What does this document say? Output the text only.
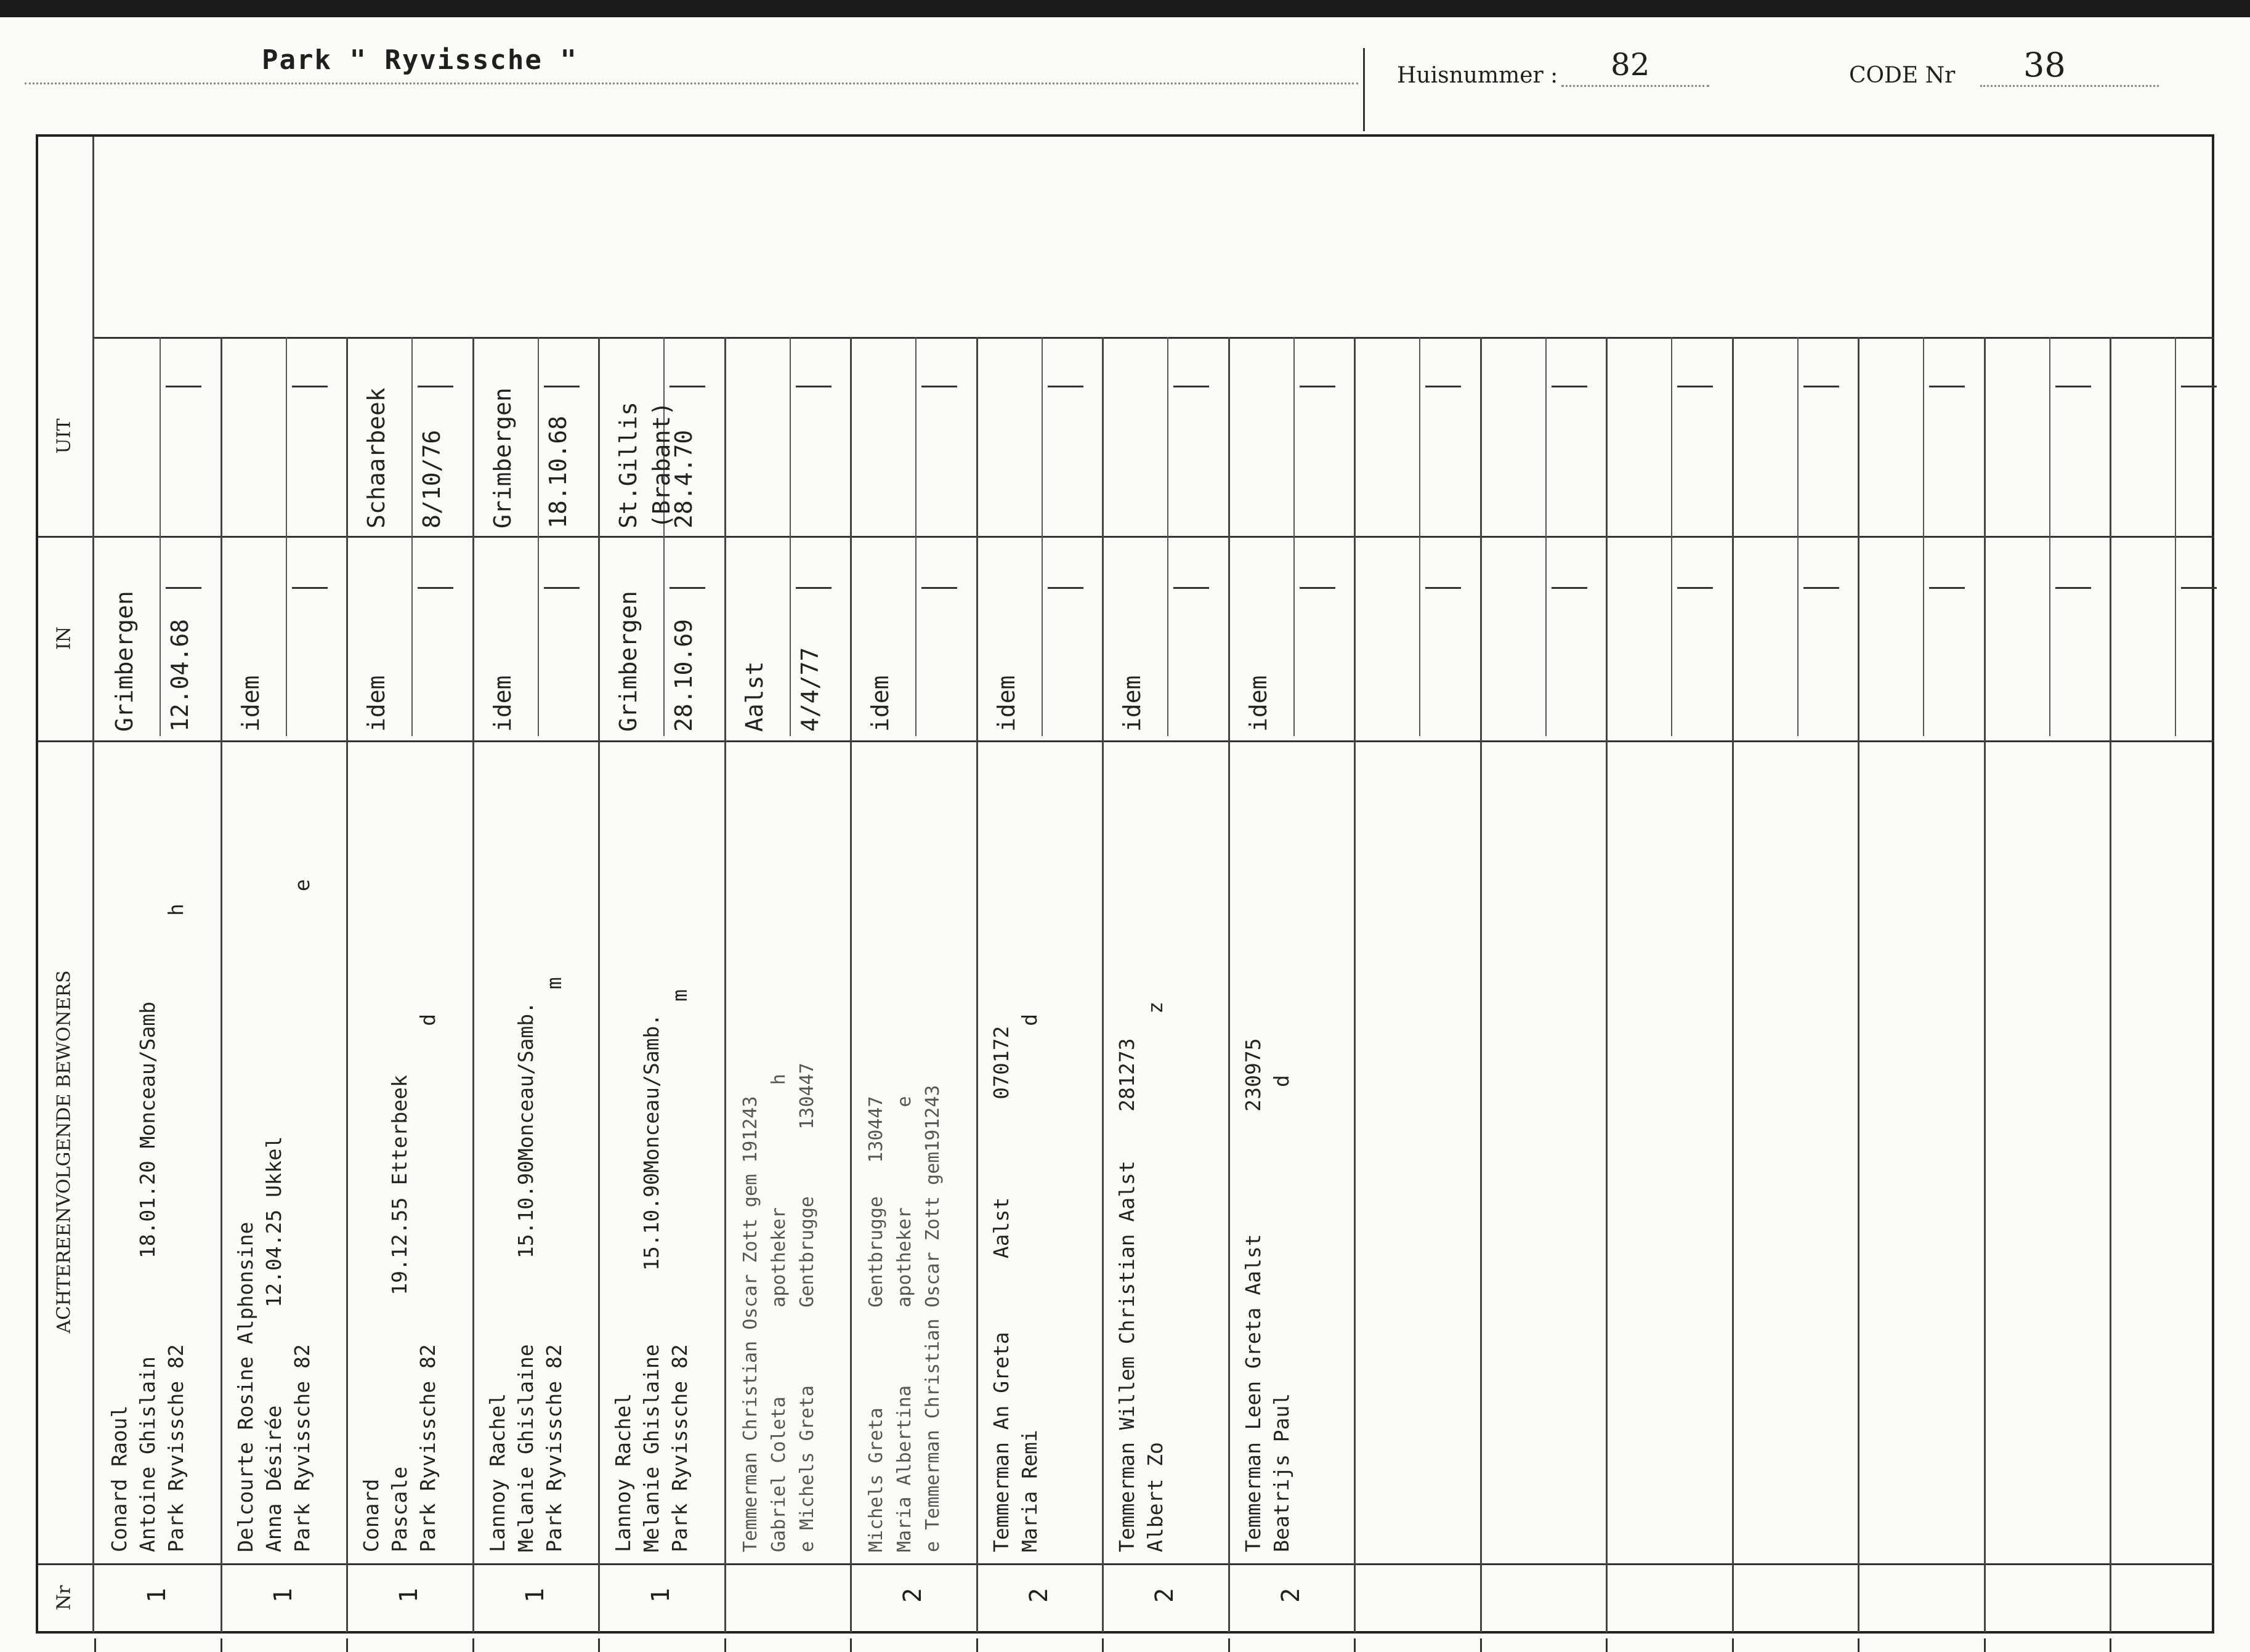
Park " Ryvissche "	Huisnummer : 82	CODE Nr 38
Nr
ACHTEREENVOLGENDE BEWONERS
IN
UIT
1
Conard Raoul Antoine Ghislain        18.01.20 Monceau/Samb Park Ryvissche 82                                   h
Grimbergen 12.04.68
1
Delcourte Rosine Alphonsine Anna Désirée        12.04.25 Ukkel Park Ryvissche 82                                     e
idem
1
Conard Pascale              19.12.55 Etterbeek Park Ryvissche 82                          d
idem
Schaarbeek 8/10/76
1
Lannoy Rachel Melanie Ghislaine       15.10.90Monceau/Samb. Park Ryvissche 82                             m
idem
Grimbergen 18.10.68
1
Lannoy Rachel Melanie Ghislaine      15.10.90Monceau/Samb. Park Ryvissche 82                            m
Grimbergen 28.10.69
St.Gillis
(Brabant)
28.4.70
Temmerman Christian Oscar Zott gem 191243 Gabriel Coleta        apotheker           h e Michels Greta       Gentbrugge      130447
Aalst 4/4/77
2
Michels Greta         Gentbrugge   130447 Maria Albertina       apotheker         e e Temmerman Christian Oscar Zott gem191243
idem
2
Temmerman An Greta      Aalst        070172 Maria Remi                                 d
idem
2
Temmerman Willem Christian Aalst    281273 Albert Zo                                   z
idem
2
Temmerman Leen Greta Aalst          230975 Beatrijs Paul                         d
idem
